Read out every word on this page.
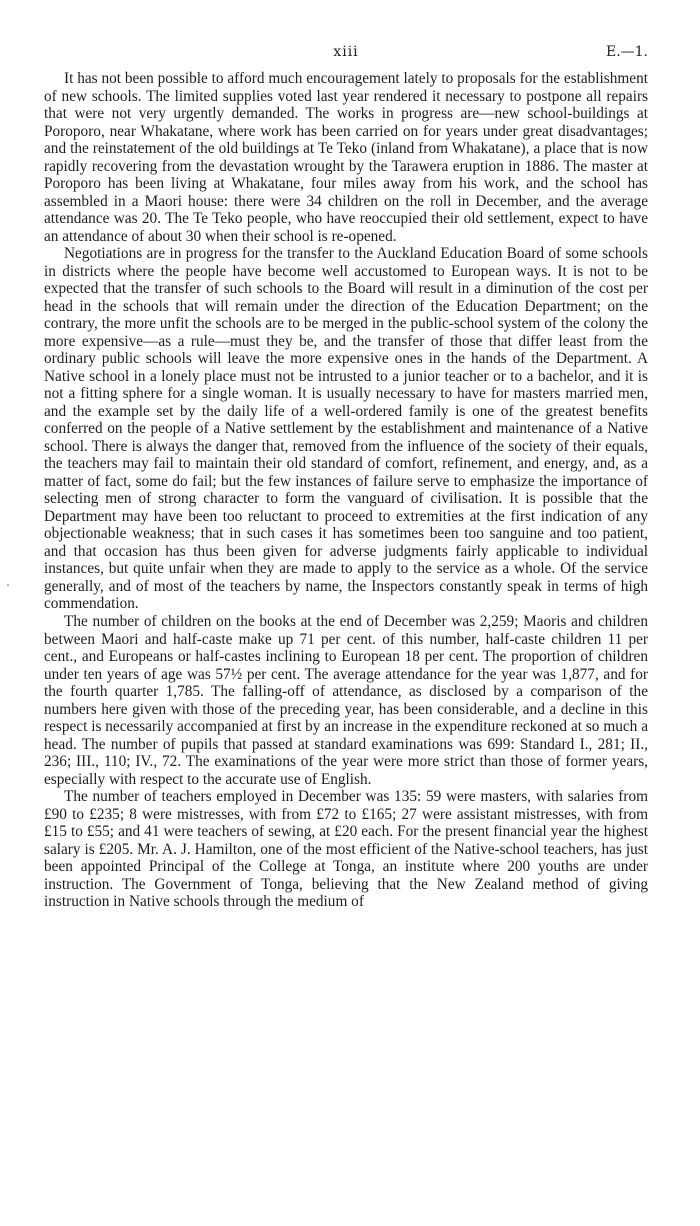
xiii	E.—1.

It has not been possible to afford much encouragement lately to proposals for the establishment of new schools. The limited supplies voted last year rendered it necessary to postpone all repairs that were not very urgently demanded. The works in progress are—new school-buildings at Poroporo, near Whakatane, where work has been carried on for years under great disadvantages; and the reinstatement of the old buildings at Te Teko (inland from Whakatane), a place that is now rapidly recovering from the devastation wrought by the Tarawera eruption in 1886. The master at Poroporo has been living at Whakatane, four miles away from his work, and the school has assembled in a Maori house: there were 34 children on the roll in December, and the average attendance was 20. The Te Teko people, who have reoccupied their old settlement, expect to have an attendance of about 30 when their school is re-opened.

Negotiations are in progress for the transfer to the Auckland Education Board of some schools in districts where the people have become well accustomed to European ways. It is not to be expected that the transfer of such schools to the Board will result in a diminution of the cost per head in the schools that will remain under the direction of the Education Department; on the contrary, the more unfit the schools are to be merged in the public-school system of the colony the more expensive—as a rule—must they be, and the transfer of those that differ least from the ordinary public schools will leave the more expensive ones in the hands of the Department. A Native school in a lonely place must not be intrusted to a junior teacher or to a bachelor, and it is not a fitting sphere for a single woman. It is usually necessary to have for masters married men, and the example set by the daily life of a well-ordered family is one of the greatest benefits conferred on the people of a Native settlement by the establishment and maintenance of a Native school. There is always the danger that, removed from the influence of the society of their equals, the teachers may fail to maintain their old standard of comfort, refinement, and energy, and, as a matter of fact, some do fail; but the few instances of failure serve to emphasize the importance of selecting men of strong character to form the vanguard of civilisation. It is possible that the Department may have been too reluctant to proceed to extremities at the first indication of any objectionable weakness; that in such cases it has sometimes been too sanguine and too patient, and that occasion has thus been given for adverse judgments fairly applicable to individual instances, but quite unfair when they are made to apply to the service as a whole. Of the service generally, and of most of the teachers by name, the Inspectors constantly speak in terms of high commendation.

The number of children on the books at the end of December was 2,259; Maoris and children between Maori and half-caste make up 71 per cent. of this number, half-caste children 11 per cent., and Europeans or half-castes inclining to European 18 per cent. The proportion of children under ten years of age was 57½ per cent. The average attendance for the year was 1,877, and for the fourth quarter 1,785. The falling-off of attendance, as disclosed by a comparison of the numbers here given with those of the preceding year, has been considerable, and a decline in this respect is necessarily accompanied at first by an increase in the expenditure reckoned at so much a head. The number of pupils that passed at standard examinations was 699: Standard I., 281; II., 236; III., 110; IV., 72. The examinations of the year were more strict than those of former years, especially with respect to the accurate use of English.

The number of teachers employed in December was 135: 59 were masters, with salaries from £90 to £235; 8 were mistresses, with from £72 to £165; 27 were assistant mistresses, with from £15 to £55; and 41 were teachers of sewing, at £20 each. For the present financial year the highest salary is £205. Mr. A. J. Hamilton, one of the most efficient of the Native-school teachers, has just been appointed Principal of the College at Tonga, an institute where 200 youths are under instruction. The Government of Tonga, believing that the New Zealand method of giving instruction in Native schools through the medium of
